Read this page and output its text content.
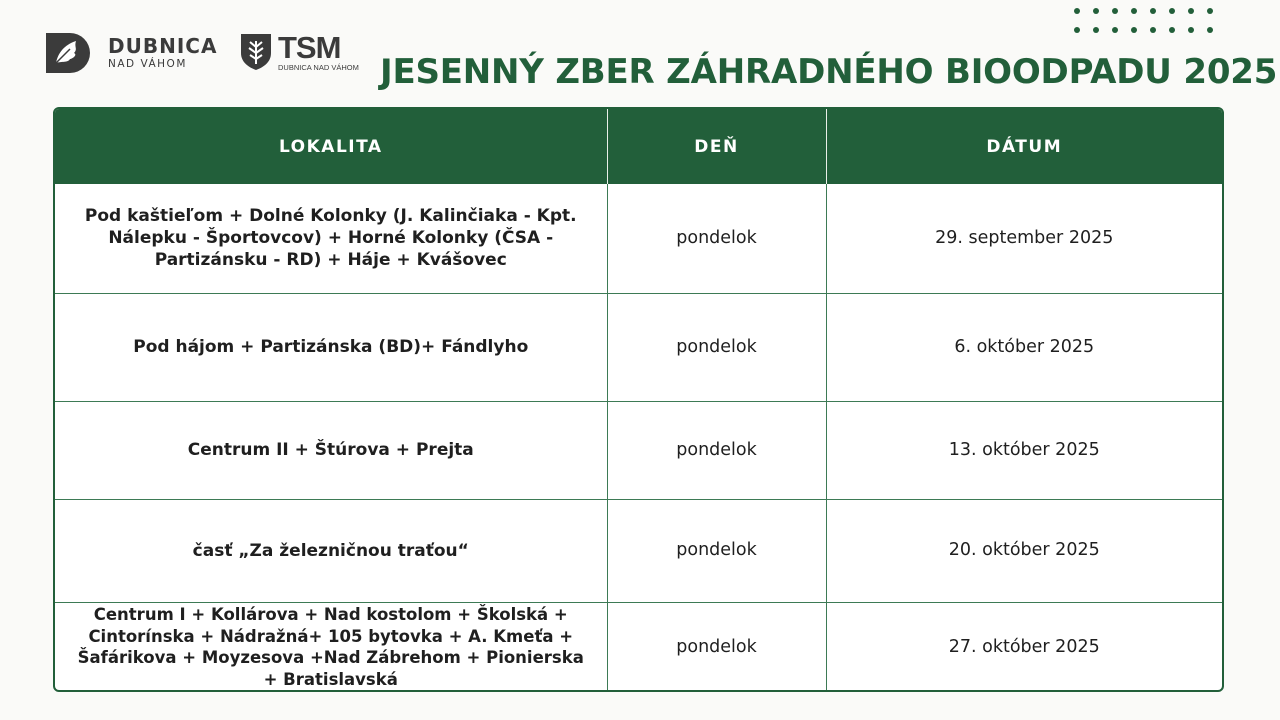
DUBNICA
NAD VÁHOM	TSM
DUBNICA NAD VÁHOM JESENNÝ ZBER ZÁHRADNÉHO BIOODPADU 2025
LOKALITA	DEŇ	DÁTUM
Pod kaštieľom + Dolné Kolonky (J. Kalinčiaka - Kpt. Nálepku - Športovcov) + Horné Kolonky (ČSA - Partizánsku - RD) + Háje + Kvášovec	pondelok	29. september 2025
Pod hájom + Partizánska (BD)+ Fándlyho	pondelok	6. október 2025
Centrum II + Štúrova + Prejta	pondelok	13. október 2025
časť „Za železničnou traťou“	pondelok	20. október 2025
Centrum I + Kollárova + Nad kostolom + Školská + Cintorínska + Nádražná+ 105 bytovka + A. Kmeťa + Šafárikova + Moyzesova +Nad Zábrehom + Pionierska + Bratislavská	pondelok	27. október 2025
